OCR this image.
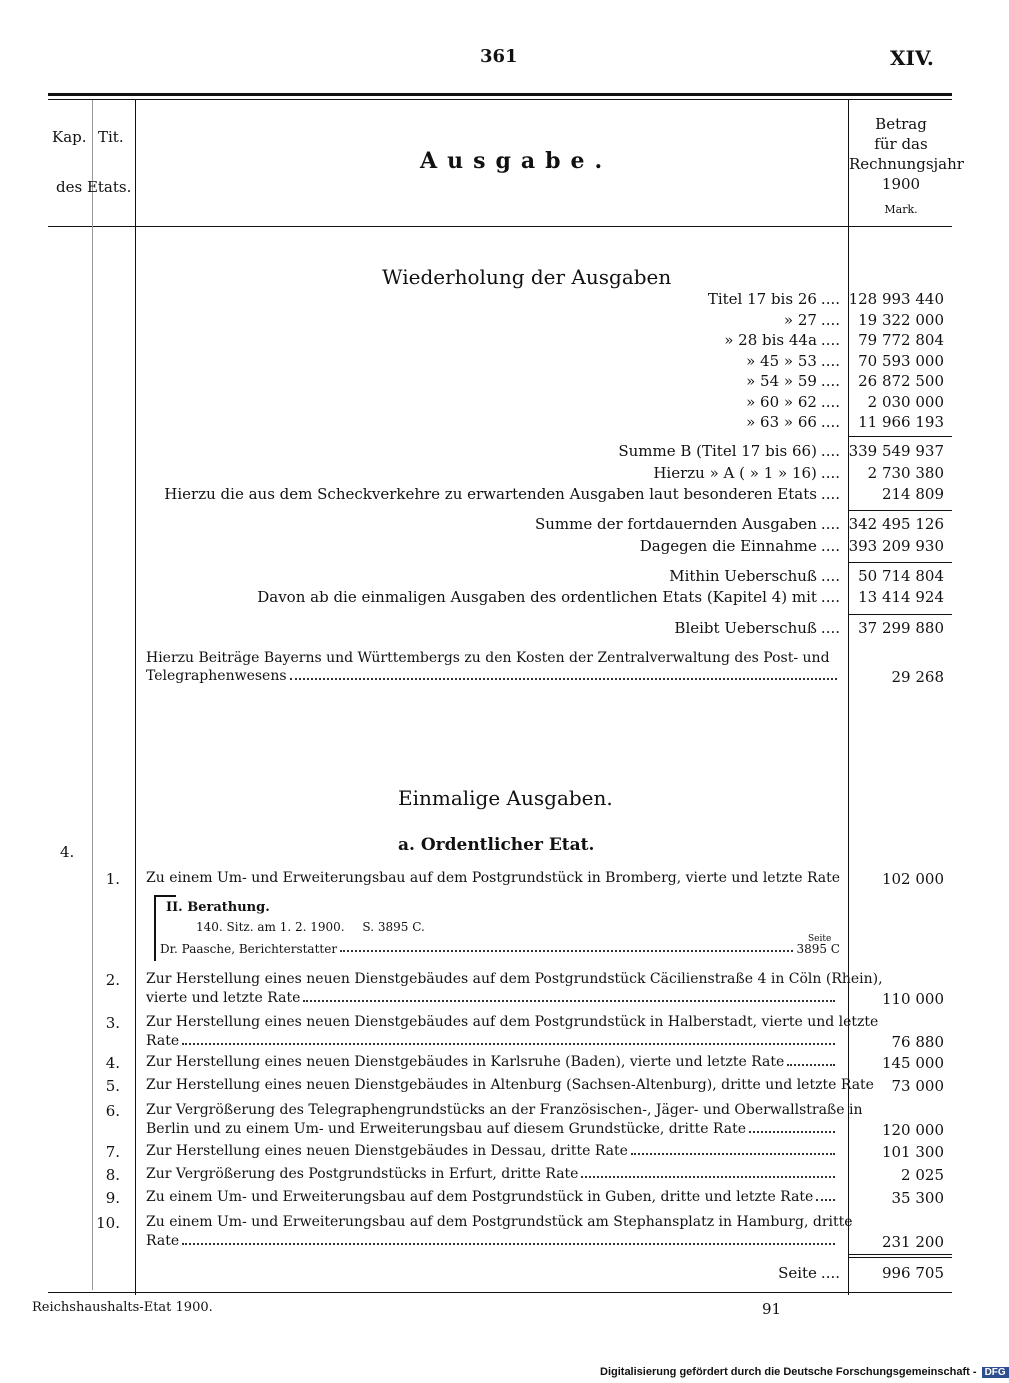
361	XIV.
Kap. Tit.
des Etats.
Ausgabe.
Betrag
für das
Rechnungsjahr
1900
Mark.
Wiederholung der Ausgaben
Titel 17 bis 26 .... 128 993 440
» 27 ....	19 322 000
» 28 bis 44a ....	79 772 804
» 45 » 53 ....	70 593 000
» 54 » 59 ....	26 872 500
» 60 » 62 ....	2 030 000
» 63 » 66 ....	11 966 193
Summe B (Titel 17 bis 66) .... 339 549 937
Hierzu » A ( » 1 » 16) ....	2 730 380
Hierzu die aus dem Scheckverkehre zu erwartenden Ausgaben laut besonderen Etats ....	214 809
Summe der fortdauernden Ausgaben .... 342 495 126
Dagegen die Einnahme .... 393 209 930
Mithin Ueberschuß ....	50 714 804
Davon ab die einmaligen Ausgaben des ordentlichen Etats (Kapitel 4) mit ....	13 414 924
Bleibt Ueberschuß ....	37 299 880
Hierzu Beiträge Bayerns und Württembergs zu den Kosten der Zentralverwaltung des Post- und
Telegraphenwesens	29 268
Einmalige Ausgaben.
a. Ordentlicher Etat.
4.
1. Zu einem Um- und Erweiterungsbau auf dem Postgrundstück in Bromberg, vierte und letzte Rate	102 000
2. Zur Herstellung eines neuen Dienstgebäudes auf dem Postgrundstück Cäcilienstraße 4 in Cöln (Rhein),
vierte und letzte Rate	110 000
3. Zur Herstellung eines neuen Dienstgebäudes auf dem Postgrundstück in Halberstadt, vierte und letzte
Rate	76 880
4. Zur Herstellung eines neuen Dienstgebäudes in Karlsruhe (Baden), vierte und letzte Rate	145 000
5. Zur Herstellung eines neuen Dienstgebäudes in Altenburg (Sachsen-Altenburg), dritte und letzte Rate	73 000
6. Zur Vergrößerung des Telegraphengrundstücks an der Französischen-, Jäger- und Oberwallstraße in
Berlin und zu einem Um- und Erweiterungsbau auf diesem Grundstücke, dritte Rate	120 000
7. Zur Herstellung eines neuen Dienstgebäudes in Dessau, dritte Rate	101 300
8. Zur Vergrößerung des Postgrundstücks in Erfurt, dritte Rate	2 025
9. Zu einem Um- und Erweiterungsbau auf dem Postgrundstück in Guben, dritte und letzte Rate	35 300
10. Zu einem Um- und Erweiterungsbau auf dem Postgrundstück am Stephansplatz in Hamburg, dritte
Rate	231 200
II. Berathung.
140. Sitz. am 1. 2. 1900. S. 3895 C.
Seite
Dr. Paasche, Berichterstatter	3895 C
Seite ....	996 705
Reichshaushalts-Etat 1900.	91
Digitalisierung gefördert durch die Deutsche Forschungsgemeinschaft - DFG
